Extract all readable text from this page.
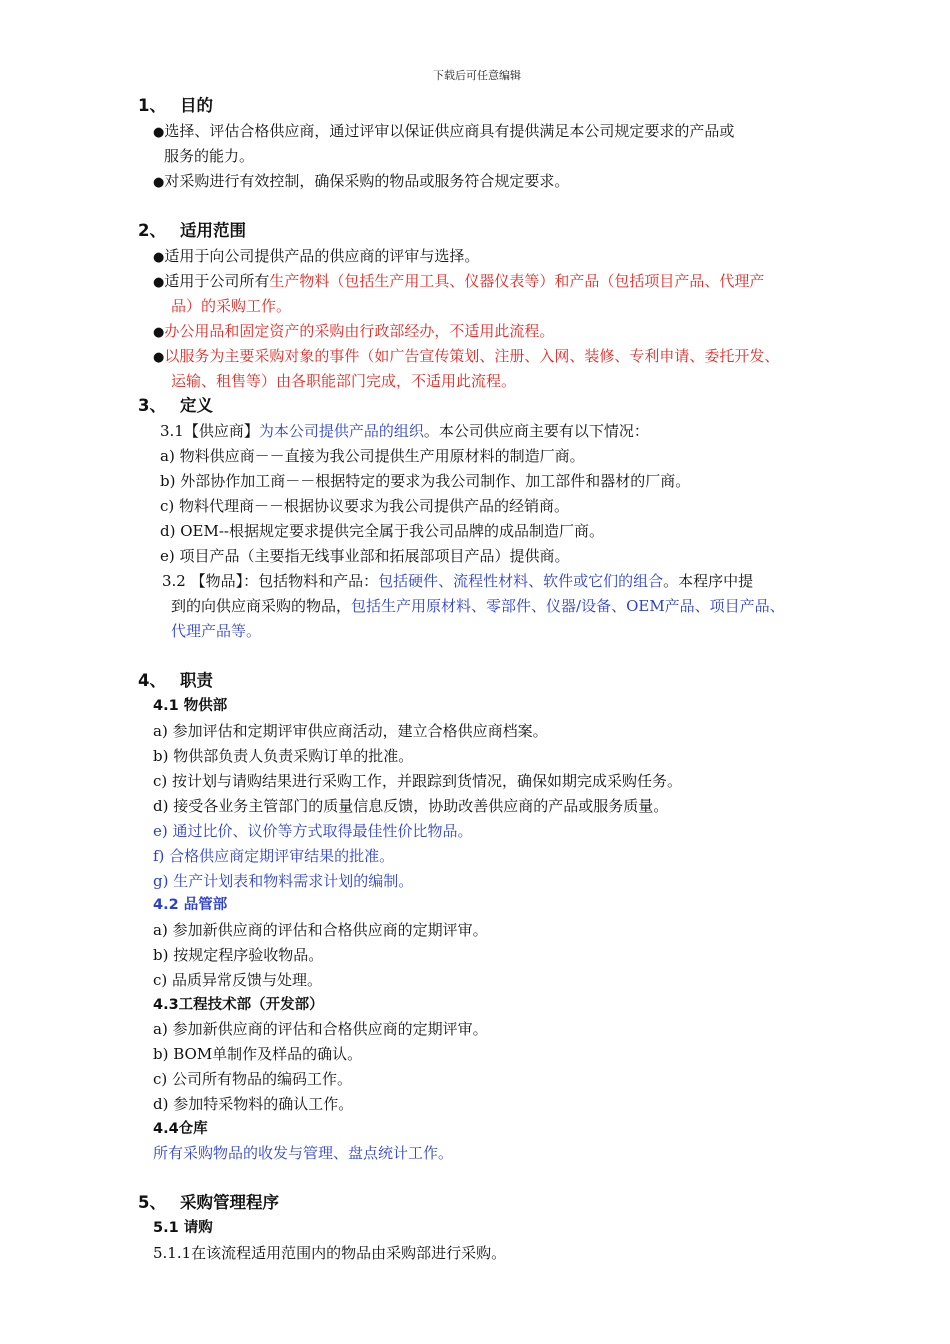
下载后可任意编辑
1、 目的
●选择、评估合格供应商，通过评审以保证供应商具有提供满足本公司规定要求的产品或
服务的能力。
●对采购进行有效控制，确保采购的物品或服务符合规定要求。
2、 适用范围
●适用于向公司提供产品的供应商的评审与选择。
●适用于公司所有生产物料（包括生产用工具、仪器仪表等）和产品（包括项目产品、代理产
品）的采购工作。
●办公用品和固定资产的采购由行政部经办，不适用此流程。
●以服务为主要采购对象的事件（如广告宣传策划、注册、入网、装修、专利申请、委托开发、
运输、租售等）由各职能部门完成，不适用此流程。
3、 定义
3.1【供应商】为本公司提供产品的组织。本公司供应商主要有以下情况：
a) 物料供应商－－直接为我公司提供生产用原材料的制造厂商。
b) 外部协作加工商－－根据特定的要求为我公司制作、加工部件和器材的厂商。
c) 物料代理商－－根据协议要求为我公司提供产品的经销商。
d) OEM--根据规定要求提供完全属于我公司品牌的成品制造厂商。
e) 项目产品（主要指无线事业部和拓展部项目产品）提供商。
3.2 【物品】：包括物料和产品：包括硬件、流程性材料、软件或它们的组合。本程序中提
到的向供应商采购的物品，包括生产用原材料、零部件、仪器/设备、OEM产品、项目产品、
代理产品等。
4、 职责
4.1 物供部
a) 参加评估和定期评审供应商活动，建立合格供应商档案。
b) 物供部负责人负责采购订单的批准。
c) 按计划与请购结果进行采购工作，并跟踪到货情况，确保如期完成采购任务。
d) 接受各业务主管部门的质量信息反馈，协助改善供应商的产品或服务质量。
e) 通过比价、议价等方式取得最佳性价比物品。
f) 合格供应商定期评审结果的批准。
g) 生产计划表和物料需求计划的编制。
4.2 品管部
a) 参加新供应商的评估和合格供应商的定期评审。
b) 按规定程序验收物品。
c) 品质异常反馈与处理。
4.3工程技术部（开发部）
a) 参加新供应商的评估和合格供应商的定期评审。
b) BOM单制作及样品的确认。
c) 公司所有物品的编码工作。
d) 参加特采物料的确认工作。
4.4仓库
所有采购物品的收发与管理、盘点统计工作。
5、 采购管理程序
5.1 请购
5.1.1在该流程适用范围内的物品由采购部进行采购。
